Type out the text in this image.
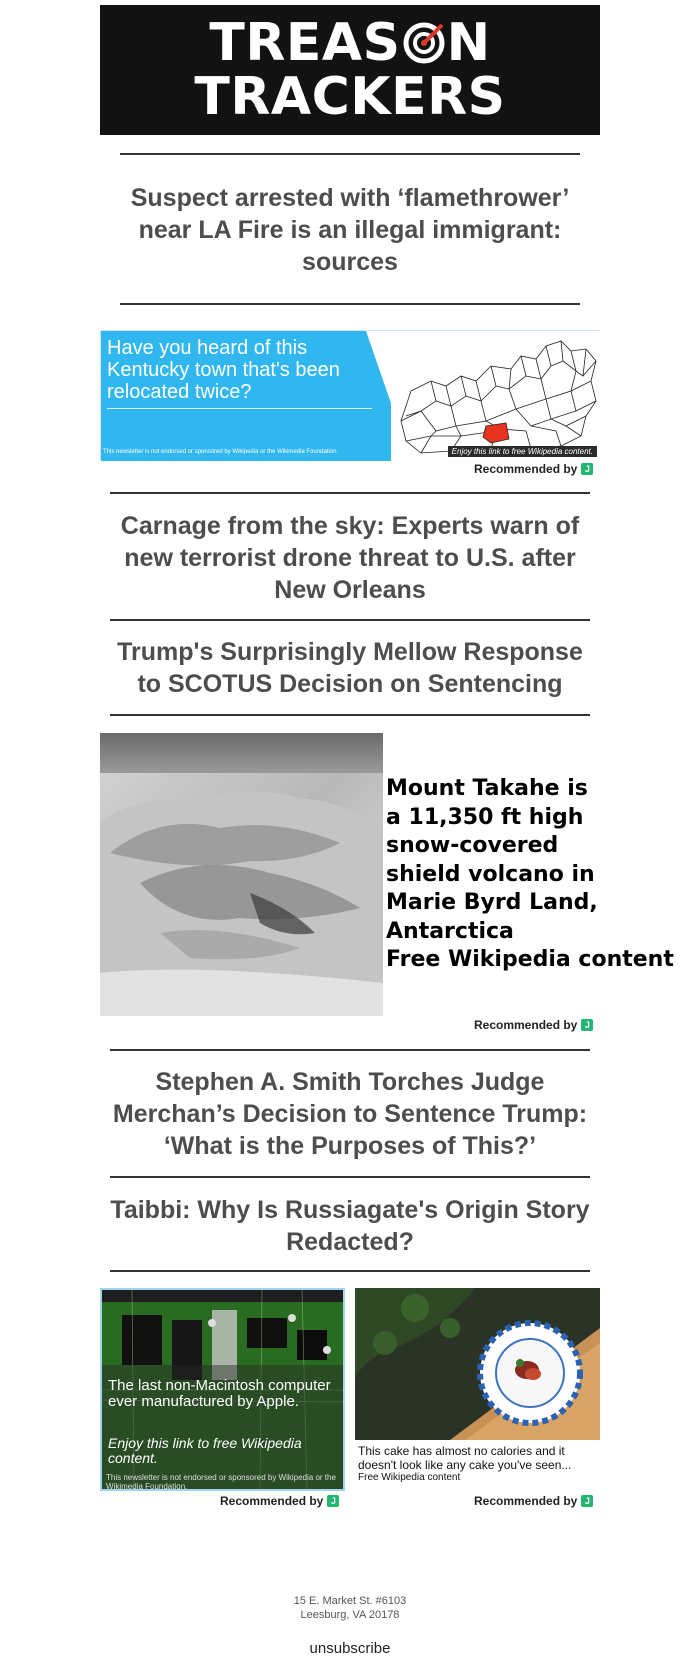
TREAS N
TRACKERS
Suspect arrested with ‘flamethrower’ near LA Fire is an illegal immigrant: sources
Have you heard of this Kentucky town that's been relocated twice?
This newsletter is not endorsed or sponsored by Wikipedia or the Wikimedia Foundation.	Enjoy this link to free Wikipedia content.
Recommended by J
Carnage from the sky: Experts warn of new terrorist drone threat to U.S. after New Orleans
Trump's Surprisingly Mellow Response to SCOTUS Decision on Sentencing
Mount Takahe is a 11,350 ft high snow-covered shield volcano in Marie Byrd Land, Antarctica
Free Wikipedia content
Recommended by J
Stephen A. Smith Torches Judge Merchan’s Decision to Sentence Trump: ‘What is the Purposes of This?’
Taibbi: Why Is Russiagate's Origin Story Redacted?
The last non-Macintosh computer ever manufactured by Apple.
Enjoy this link to free Wikipedia content.
This newsletter is not endorsed or sponsored by Wikipedia or the Wikimedia Foundation.
Recommended by J
This cake has almost no calories and it doesn't look like any cake you've seen...
Free Wikipedia content
Recommended by J
15 E. Market St. #6103
Leesburg, VA 20178
unsubscribe
